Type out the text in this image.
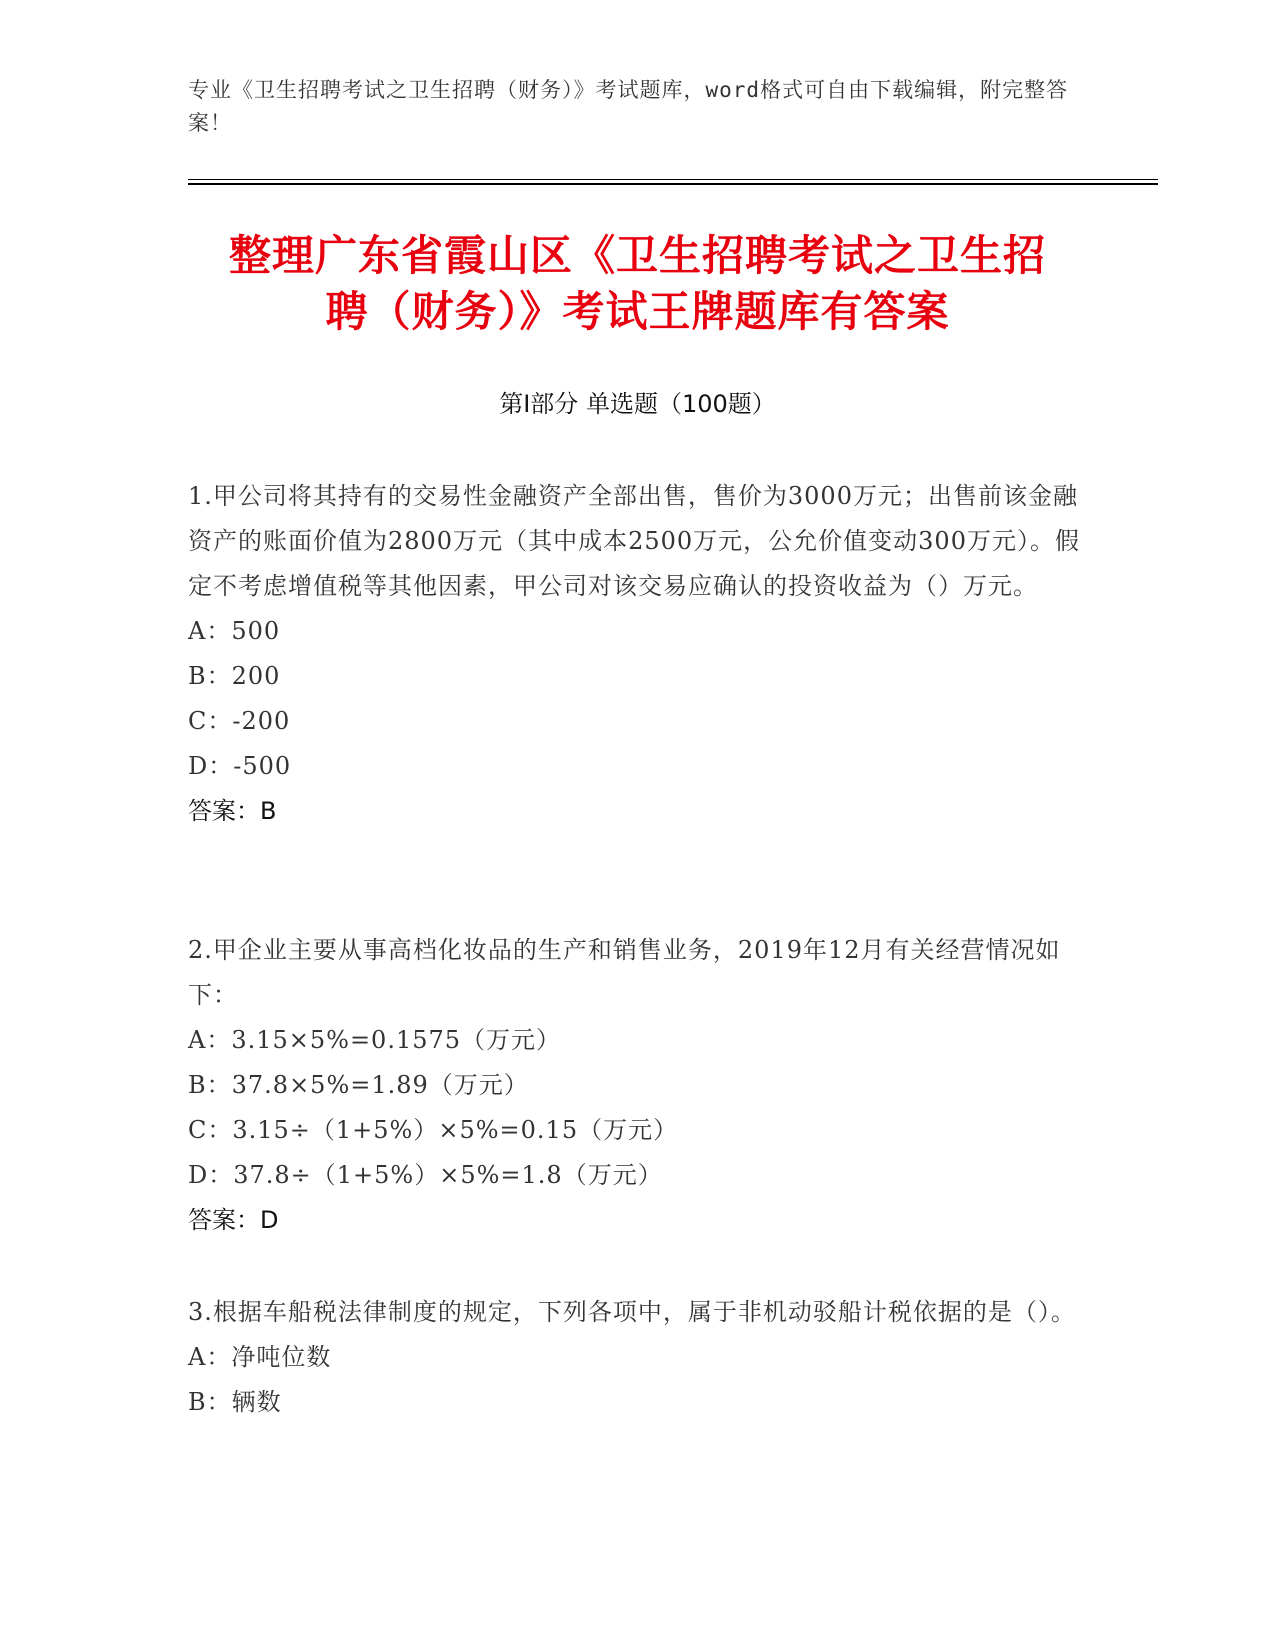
专业《卫生招聘考试之卫生招聘（财务）》考试题库，word格式可自由下载编辑，附完整答案！
整理广东省霞山区《卫生招聘考试之卫生招
聘（财务）》考试王牌题库有答案
第Ⅰ部分 单选题（100题）

1.甲公司将其持有的交易性金融资产全部出售，售价为3000万元；出售前该金融资产的账面价值为2800万元（其中成本2500万元，公允价值变动300万元）。假定不考虑增值税等其他因素，甲公司对该交易应确认的投资收益为（）万元。

A：500

B：200

C：-200

D：-500

答案：B

2.甲企业主要从事高档化妆品的生产和销售业务，2019年12月有关经营情况如下：

A：3.15×5%=0.1575（万元）

B：37.8×5%=1.89（万元）

C：3.15÷（1+5%）×5%=0.15（万元）

D：37.8÷（1+5%）×5%=1.8（万元）

答案：D

3.根据车船税法律制度的规定，下列各项中，属于非机动驳船计税依据的是（）。

A：净吨位数

B：辆数
